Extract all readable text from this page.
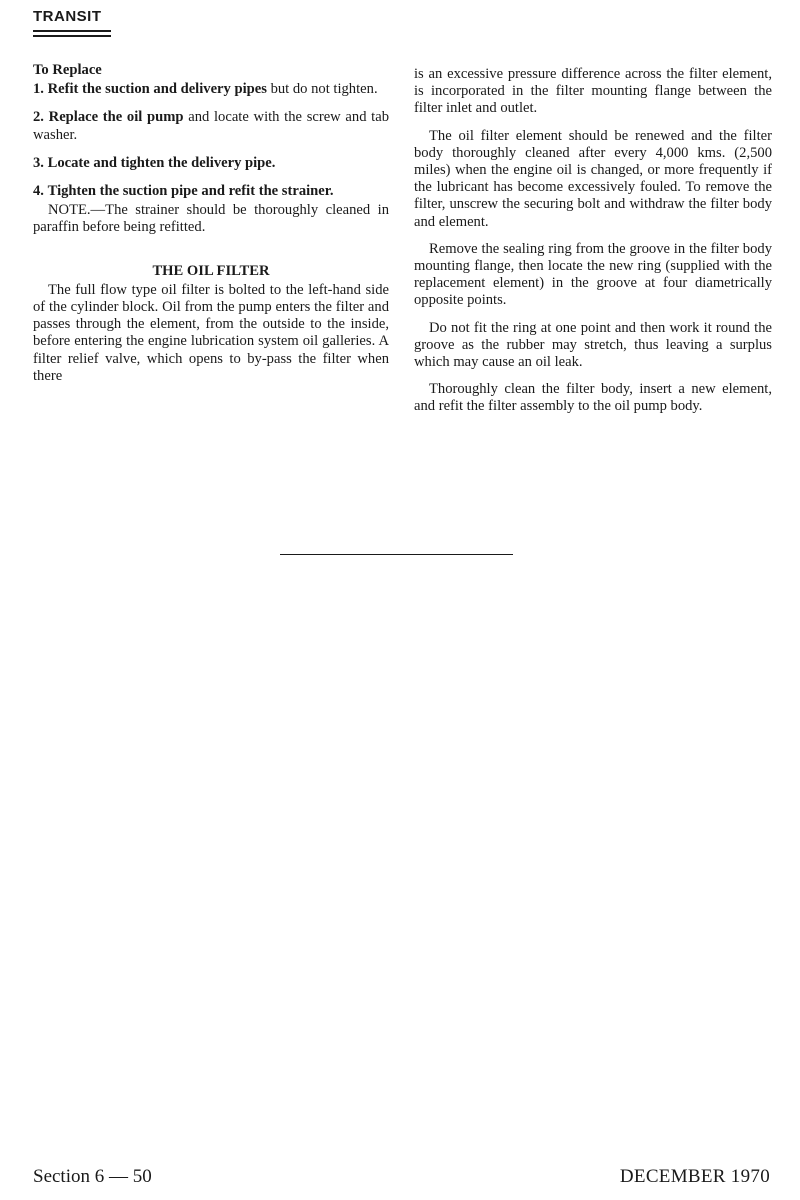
TRANSIT

To Replace

1. Refit the suction and delivery pipes but do not tighten.

2. Replace the oil pump and locate with the screw and tab washer.

3. Locate and tighten the delivery pipe.

4. Tighten the suction pipe and refit the strainer.

NOTE.—The strainer should be thoroughly cleaned in paraffin before being refitted.

THE OIL FILTER

The full flow type oil filter is bolted to the left-hand side of the cylinder block. Oil from the pump enters the filter and passes through the element, from the outside to the inside, before entering the engine lubrication system oil galleries. A filter relief valve, which opens to by-pass the filter when there

is an excessive pressure difference across the filter element, is incorporated in the filter mounting flange between the filter inlet and outlet.

The oil filter element should be renewed and the filter body thoroughly cleaned after every 4,000 kms. (2,500 miles) when the engine oil is changed, or more frequently if the lubricant has become excessively fouled. To remove the filter, unscrew the securing bolt and withdraw the filter body and element.

Remove the sealing ring from the groove in the filter body mounting flange, then locate the new ring (supplied with the replacement element) in the groove at four diametrically opposite points.

Do not fit the ring at one point and then work it round the groove as the rubber may stretch, thus leaving a surplus which may cause an oil leak.

Thoroughly clean the filter body, insert a new element, and refit the filter assembly to the oil pump body.

Section 6 — 50	DECEMBER 1970
